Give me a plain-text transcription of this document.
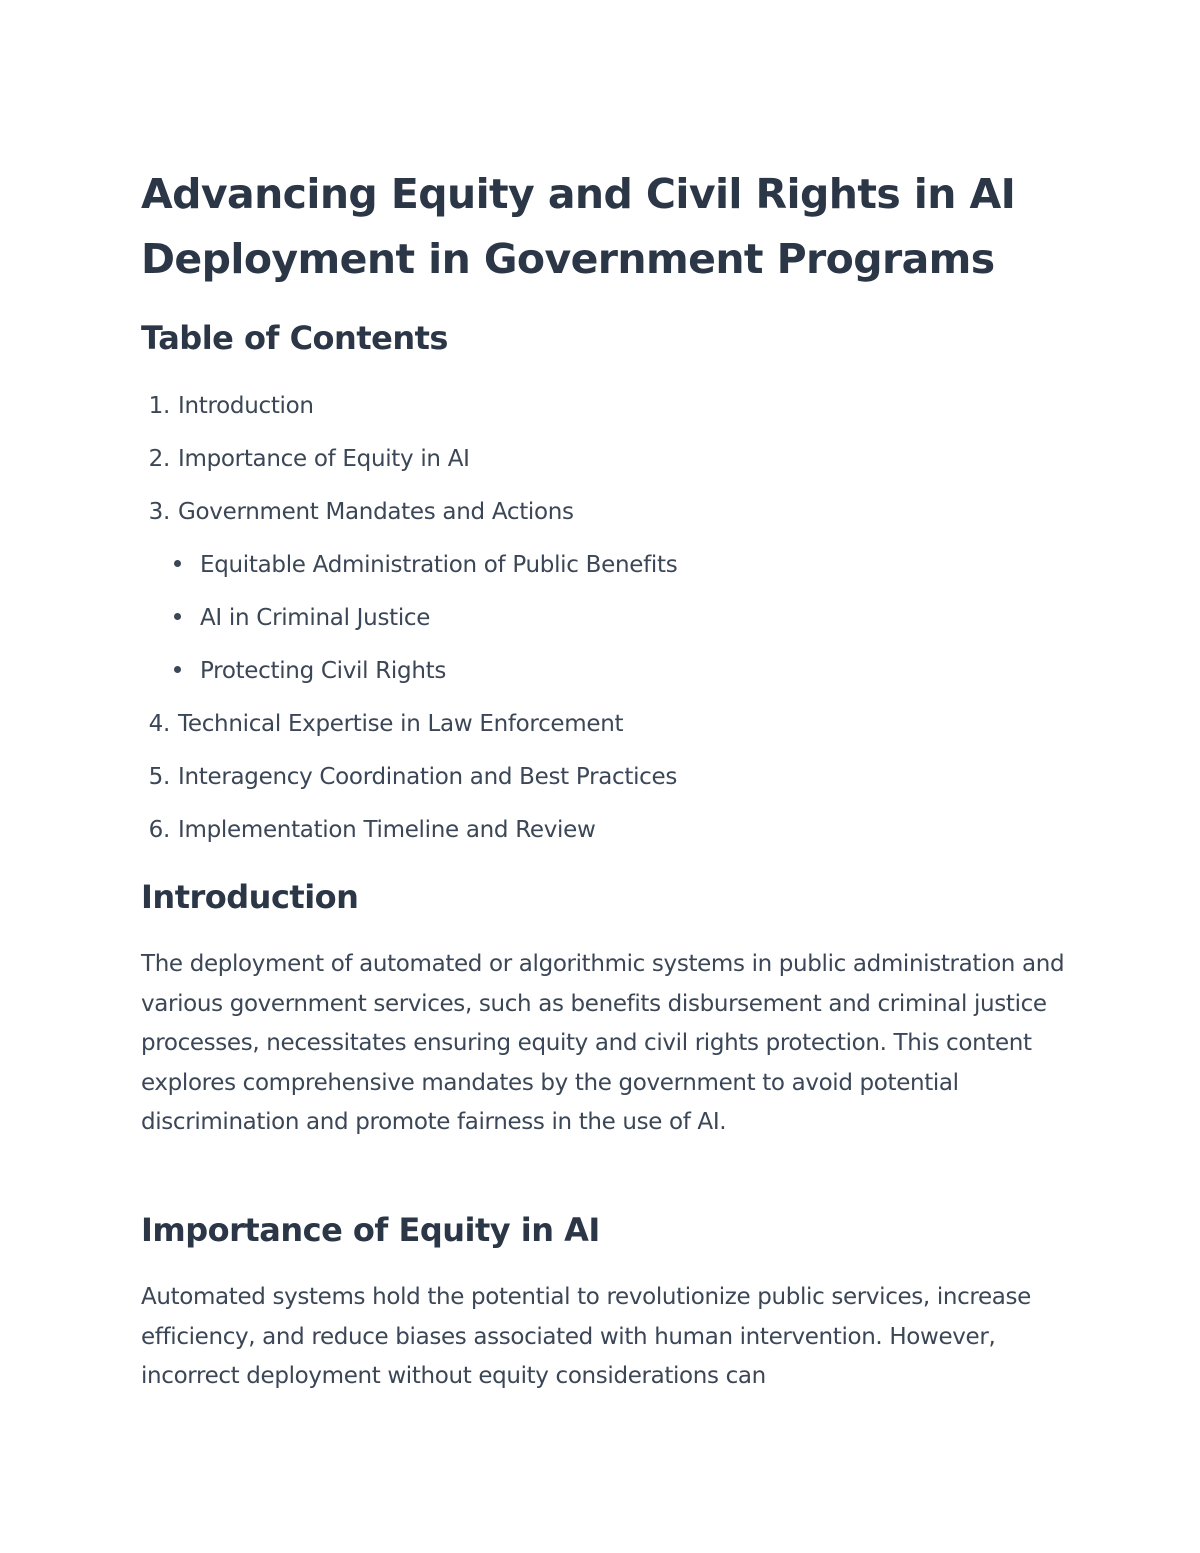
Advancing Equity and Civil Rights in AI Deployment in Government Programs
Table of Contents
1. Introduction
2. Importance of Equity in AI
3. Government Mandates and Actions
Equitable Administration of Public Benefits
AI in Criminal Justice
Protecting Civil Rights
4. Technical Expertise in Law Enforcement
5. Interagency Coordination and Best Practices
6. Implementation Timeline and Review
Introduction

The deployment of automated or algorithmic systems in public administration and various government services, such as benefits disbursement and criminal justice processes, necessitates ensuring equity and civil rights protection. This content explores comprehensive mandates by the government to avoid potential discrimination and promote fairness in the use of AI.

Importance of Equity in AI

Automated systems hold the potential to revolutionize public services, increase efficiency, and reduce biases associated with human intervention. However, incorrect deployment without equity considerations can
